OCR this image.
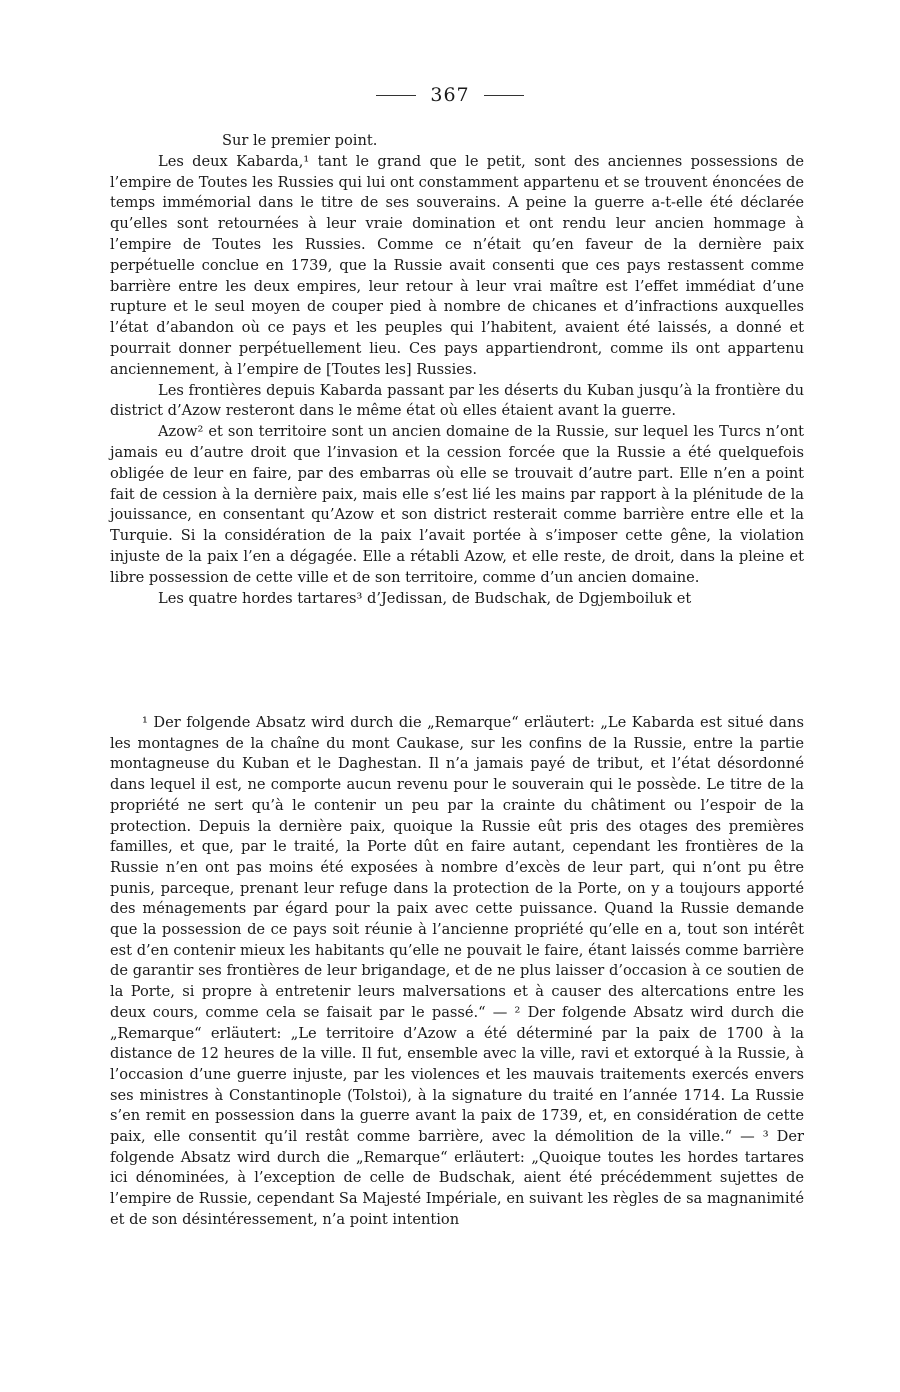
367

Sur le premier point.

Les deux Kabarda,¹ tant le grand que le petit, sont des anciennes possessions de l’empire de Toutes les Russies qui lui ont constamment appartenu et se trouvent énoncées de temps immémorial dans le titre de ses souverains. A peine la guerre a-t-elle été déclarée qu’elles sont retournées à leur vraie domination et ont rendu leur ancien hommage à l’empire de Toutes les Russies. Comme ce n’était qu’en faveur de la dernière paix perpétuelle conclue en 1739, que la Russie avait consenti que ces pays restassent comme barrière entre les deux empires, leur retour à leur vrai maître est l’effet immédiat d’une rupture et le seul moyen de couper pied à nombre de chicanes et d’infractions auxquelles l’état d’abandon où ce pays et les peuples qui l’habitent, avaient été laissés, a donné et pourrait donner perpétuellement lieu. Ces pays appartiendront, comme ils ont appartenu anciennement, à l’empire de [Toutes les] Russies.

Les frontières depuis Kabarda passant par les déserts du Kuban jusqu’à la frontière du district d’Azow resteront dans le même état où elles étaient avant la guerre.

Azow² et son territoire sont un ancien domaine de la Russie, sur lequel les Turcs n’ont jamais eu d’autre droit que l’invasion et la cession forcée que la Russie a été quelquefois obligée de leur en faire, par des embarras où elle se trouvait d’autre part. Elle n’en a point fait de cession à la dernière paix, mais elle s’est lié les mains par rapport à la plénitude de la jouissance, en consentant qu’Azow et son district resterait comme barrière entre elle et la Turquie. Si la considération de la paix l’avait portée à s’imposer cette gêne, la violation injuste de la paix l’en a dégagée. Elle a rétabli Azow, et elle reste, de droit, dans la pleine et libre possession de cette ville et de son territoire, comme d’un ancien domaine.

Les quatre hordes tartares³ d’Jedissan, de Budschak, de Dgjemboiluk et

¹ Der folgende Absatz wird durch die „Remarque“ erläutert: „Le Kabarda est situé dans les montagnes de la chaîne du mont Caukase, sur les confins de la Russie, entre la partie montagneuse du Kuban et le Daghestan. Il n’a jamais payé de tribut, et l’état désordonné dans lequel il est, ne comporte aucun revenu pour le souverain qui le possède. Le titre de la propriété ne sert qu’à le contenir un peu par la crainte du châtiment ou l’espoir de la protection. Depuis la dernière paix, quoique la Russie eût pris des otages des premières familles, et que, par le traité, la Porte dût en faire autant, cependant les frontières de la Russie n’en ont pas moins été exposées à nombre d’excès de leur part, qui n’ont pu être punis, parceque, prenant leur refuge dans la protection de la Porte, on y a toujours apporté des ménagements par égard pour la paix avec cette puissance. Quand la Russie demande que la possession de ce pays soit réunie à l’ancienne propriété qu’elle en a, tout son intérêt est d’en contenir mieux les habitants qu’elle ne pouvait le faire, étant laissés comme barrière de garantir ses frontières de leur brigandage, et de ne plus laisser d’occasion à ce soutien de la Porte, si propre à entretenir leurs malversations et à causer des altercations entre les deux cours, comme cela se faisait par le passé.“ — ² Der folgende Absatz wird durch die „Remarque“ erläutert: „Le territoire d’Azow a été déterminé par la paix de 1700 à la distance de 12 heures de la ville. Il fut, ensemble avec la ville, ravi et extorqué à la Russie, à l’occasion d’une guerre injuste, par les violences et les mauvais traitements exercés envers ses ministres à Constantinople (Tolstoi), à la signature du traité en l’année 1714. La Russie s’en remit en possession dans la guerre avant la paix de 1739, et, en considération de cette paix, elle consentit qu’il restât comme barrière, avec la démolition de la ville.“ — ³ Der folgende Absatz wird durch die „Remarque“ erläutert: „Quoique toutes les hordes tartares ici dénominées, à l’exception de celle de Budschak, aient été précédemment sujettes de l’empire de Russie, cependant Sa Majesté Impériale, en suivant les règles de sa magnanimité et de son désintéressement, n’a point intention
